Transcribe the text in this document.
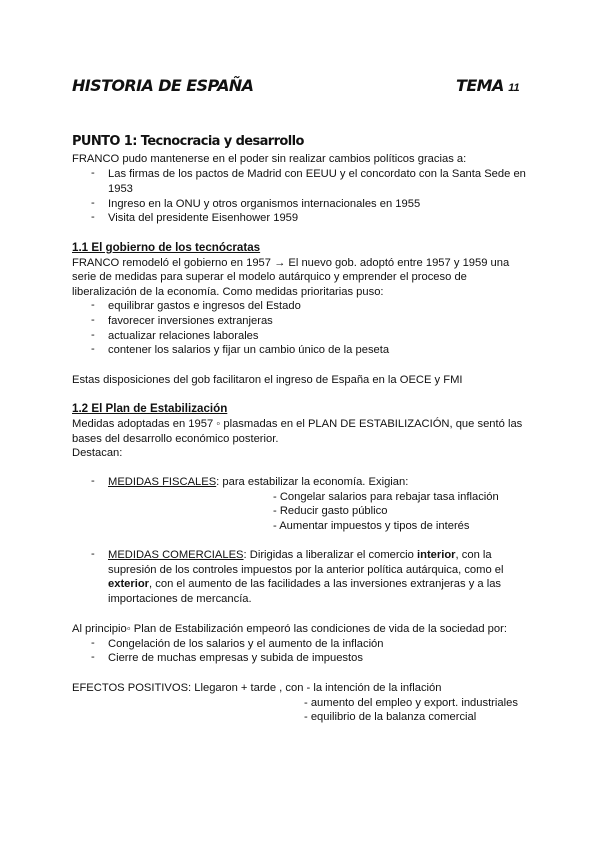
HISTORIA DE ESPAÑA	TEMA 11
PUNTO 1: Tecnocracia y desarrollo
FRANCO pudo mantenerse en el poder sin realizar cambios políticos gracias a:
- Las firmas de los pactos de Madrid con EEUU y el concordato con la Santa Sede en
1953
- Ingreso en la ONU y otros organismos internacionales en 1955
- Visita del presidente Eisenhower 1959
1.1 El gobierno de los tecnócratas
FRANCO remodeló el gobierno en 1957 → El nuevo gob. adoptó entre 1957 y 1959 una
serie de medidas para superar el modelo autárquico y emprender el proceso de
liberalización de la economía. Como medidas prioritarias puso:
- equilibrar gastos e ingresos del Estado
- favorecer inversiones extranjeras
- actualizar relaciones laborales
- contener los salarios y fijar un cambio único de la peseta
Estas disposiciones del gob facilitaron el ingreso de España en la OECE y FMI
1.2 El Plan de Estabilización
Medidas adoptadas en 1957 ◦ plasmadas en el PLAN DE ESTABILIZACIÓN, que sentó las
bases del desarrollo económico posterior.
Destacan:
- MEDIDAS FISCALES: para estabilizar la economía. Exigian:
- Congelar salarios para rebajar tasa inflación
- Reducir gasto público
- Aumentar impuestos y tipos de interés
- MEDIDAS COMERCIALES: Dirigidas a liberalizar el comercio interior, con la
supresión de los controles impuestos por la anterior política autárquica, como el
exterior, con el aumento de las facilidades a las inversiones extranjeras y a las
importaciones de mercancía.
Al principio◦ Plan de Estabilización empeoró las condiciones de vida de la sociedad por:
- Congelación de los salarios y el aumento de la inflación
- Cierre de muchas empresas y subida de impuestos
EFECTOS POSITIVOS: Llegaron + tarde , con - la intención de la inflación
- aumento del empleo y export. industriales
- equilibrio de la balanza comercial
